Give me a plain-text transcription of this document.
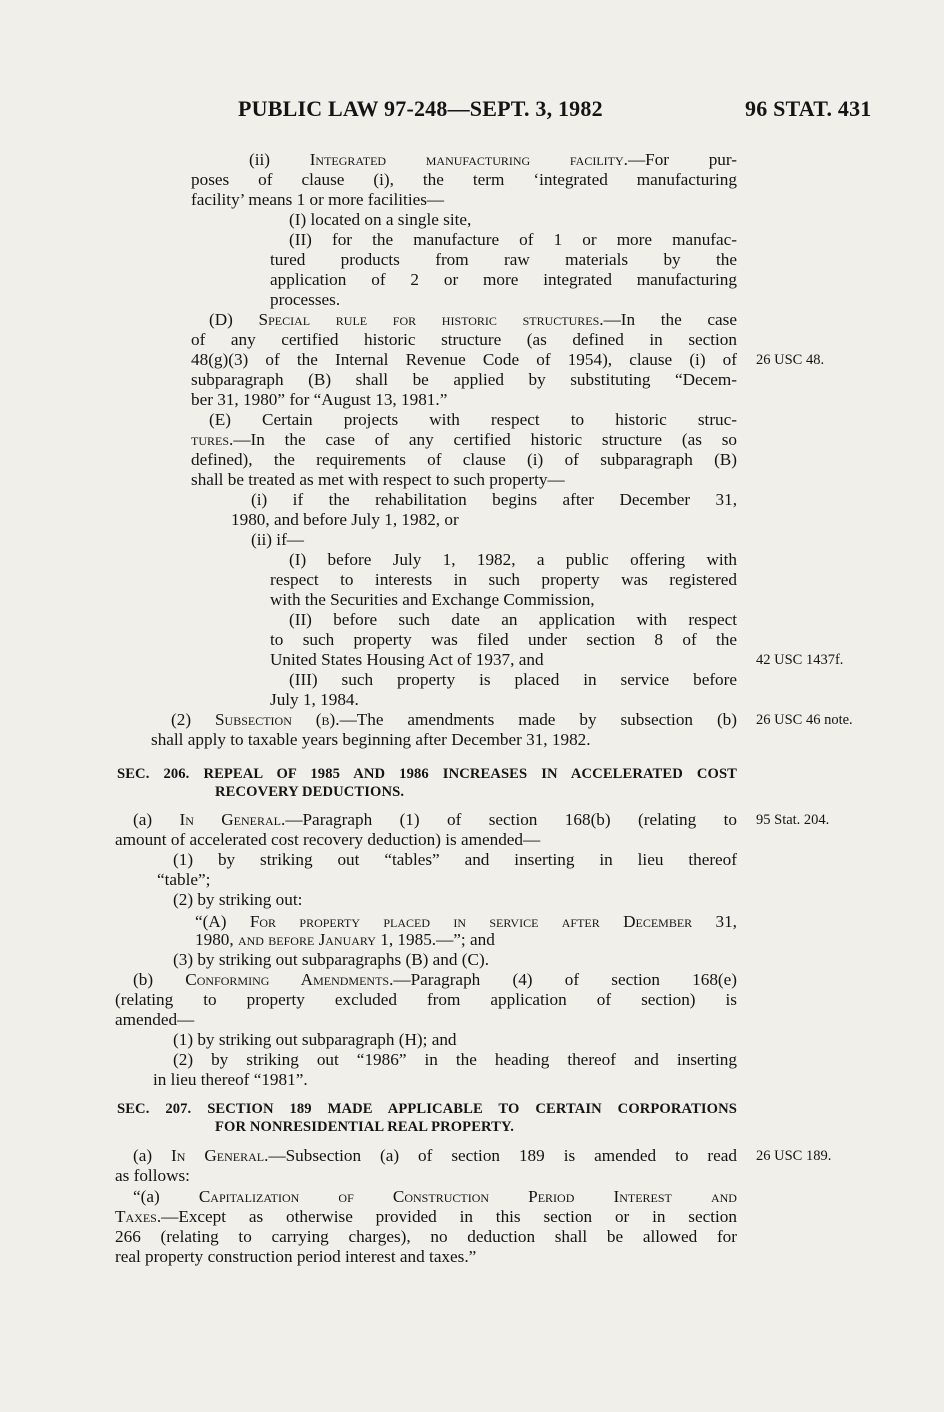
PUBLIC LAW 97-248—SEPT. 3, 1982	96 STAT. 431
(ii) Integrated manufacturing facility.—For pur-
poses of clause (i), the term ‘integrated manufacturing
facility’ means 1 or more facilities—
(I) located on a single site,
(II) for the manufacture of 1 or more manufac-
tured products from raw materials by the
application of 2 or more integrated manufacturing
processes.
(D) Special rule for historic structures.—In the case
of any certified historic structure (as defined in section
48(g)(3) of the Internal Revenue Code of 1954), clause (i) of
subparagraph (B) shall be applied by substituting “Decem-
ber 31, 1980” for “August 13, 1981.”
(E) Certain projects with respect to historic struc-
tures.—In the case of any certified historic structure (as so
defined), the requirements of clause (i) of subparagraph (B)
shall be treated as met with respect to such property—
(i) if the rehabilitation begins after December 31,
1980, and before July 1, 1982, or
(ii) if—
(I) before July 1, 1982, a public offering with
respect to interests in such property was registered
with the Securities and Exchange Commission,
(II) before such date an application with respect
to such property was filed under section 8 of the
United States Housing Act of 1937, and
(III) such property is placed in service before
July 1, 1984.
(2) Subsection (b).—The amendments made by subsection (b)
shall apply to taxable years beginning after December 31, 1982.
SEC. 206. REPEAL OF 1985 AND 1986 INCREASES IN ACCELERATED COST
RECOVERY DEDUCTIONS.
(a) In General.—Paragraph (1) of section 168(b) (relating to
amount of accelerated cost recovery deduction) is amended—
(1) by striking out “tables” and inserting in lieu thereof
“table”;
(2) by striking out:
“(A) For property placed in service after December 31,
1980, and before January 1, 1985.—”; and
(3) by striking out subparagraphs (B) and (C).
(b) Conforming Amendments.—Paragraph (4) of section 168(e)
(relating to property excluded from application of section) is
amended—
(1) by striking out subparagraph (H); and
(2) by striking out “1986” in the heading thereof and inserting
in lieu thereof “1981”.
SEC. 207. SECTION 189 MADE APPLICABLE TO CERTAIN CORPORATIONS
FOR NONRESIDENTIAL REAL PROPERTY.
(a) In General.—Subsection (a) of section 189 is amended to read
as follows:
“(a) Capitalization of Construction Period Interest and
Taxes.—Except as otherwise provided in this section or in section
266 (relating to carrying charges), no deduction shall be allowed for
real property construction period interest and taxes.”
26 USC 48.
42 USC 1437f.
26 USC 46 note.
95 Stat. 204.
26 USC 189.
